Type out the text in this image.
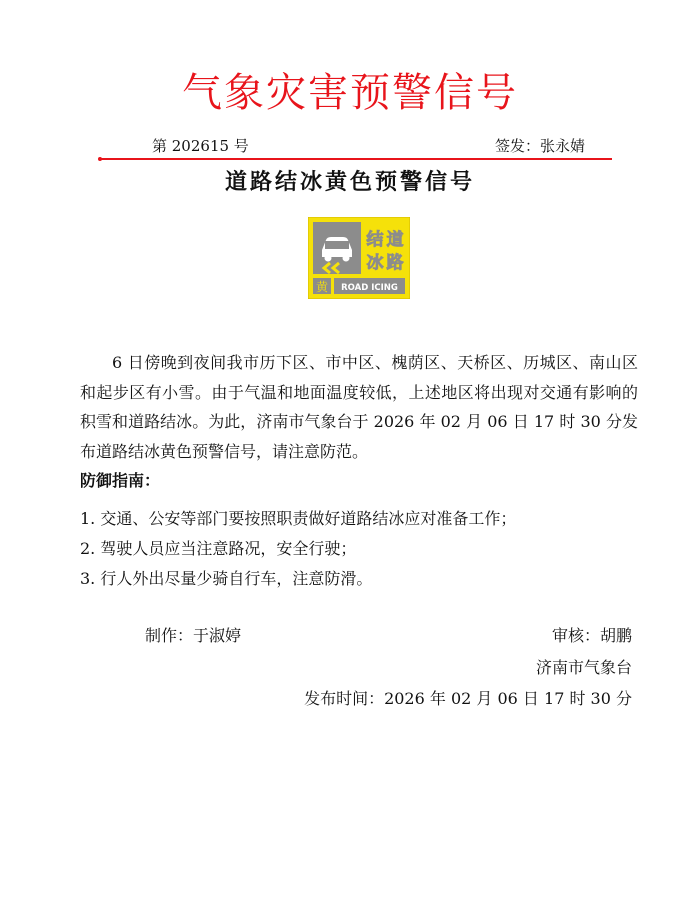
气象灾害预警信号
第 202615 号	签发：张永婧
道路结冰黄色预警信号
结 道
冰 路
黄 ROAD ICING
6 日傍晚到夜间我市历下区、市中区、槐荫区、天桥区、历城区、南山区和起步区有小雪。由于气温和地面温度较低，上述地区将出现对交通有影响的积雪和道路结冰。为此，济南市气象台于 2026 年 02 月 06 日 17 时 30 分发布道路结冰黄色预警信号，请注意防范。
防御指南：
1. 交通、公安等部门要按照职责做好道路结冰应对准备工作；
2. 驾驶人员应当注意路况，安全行驶；
3. 行人外出尽量少骑自行车，注意防滑。
制作：于淑婷	审核：胡鹏
济南市气象台
发布时间：2026 年 02 月 06 日 17 时 30 分
